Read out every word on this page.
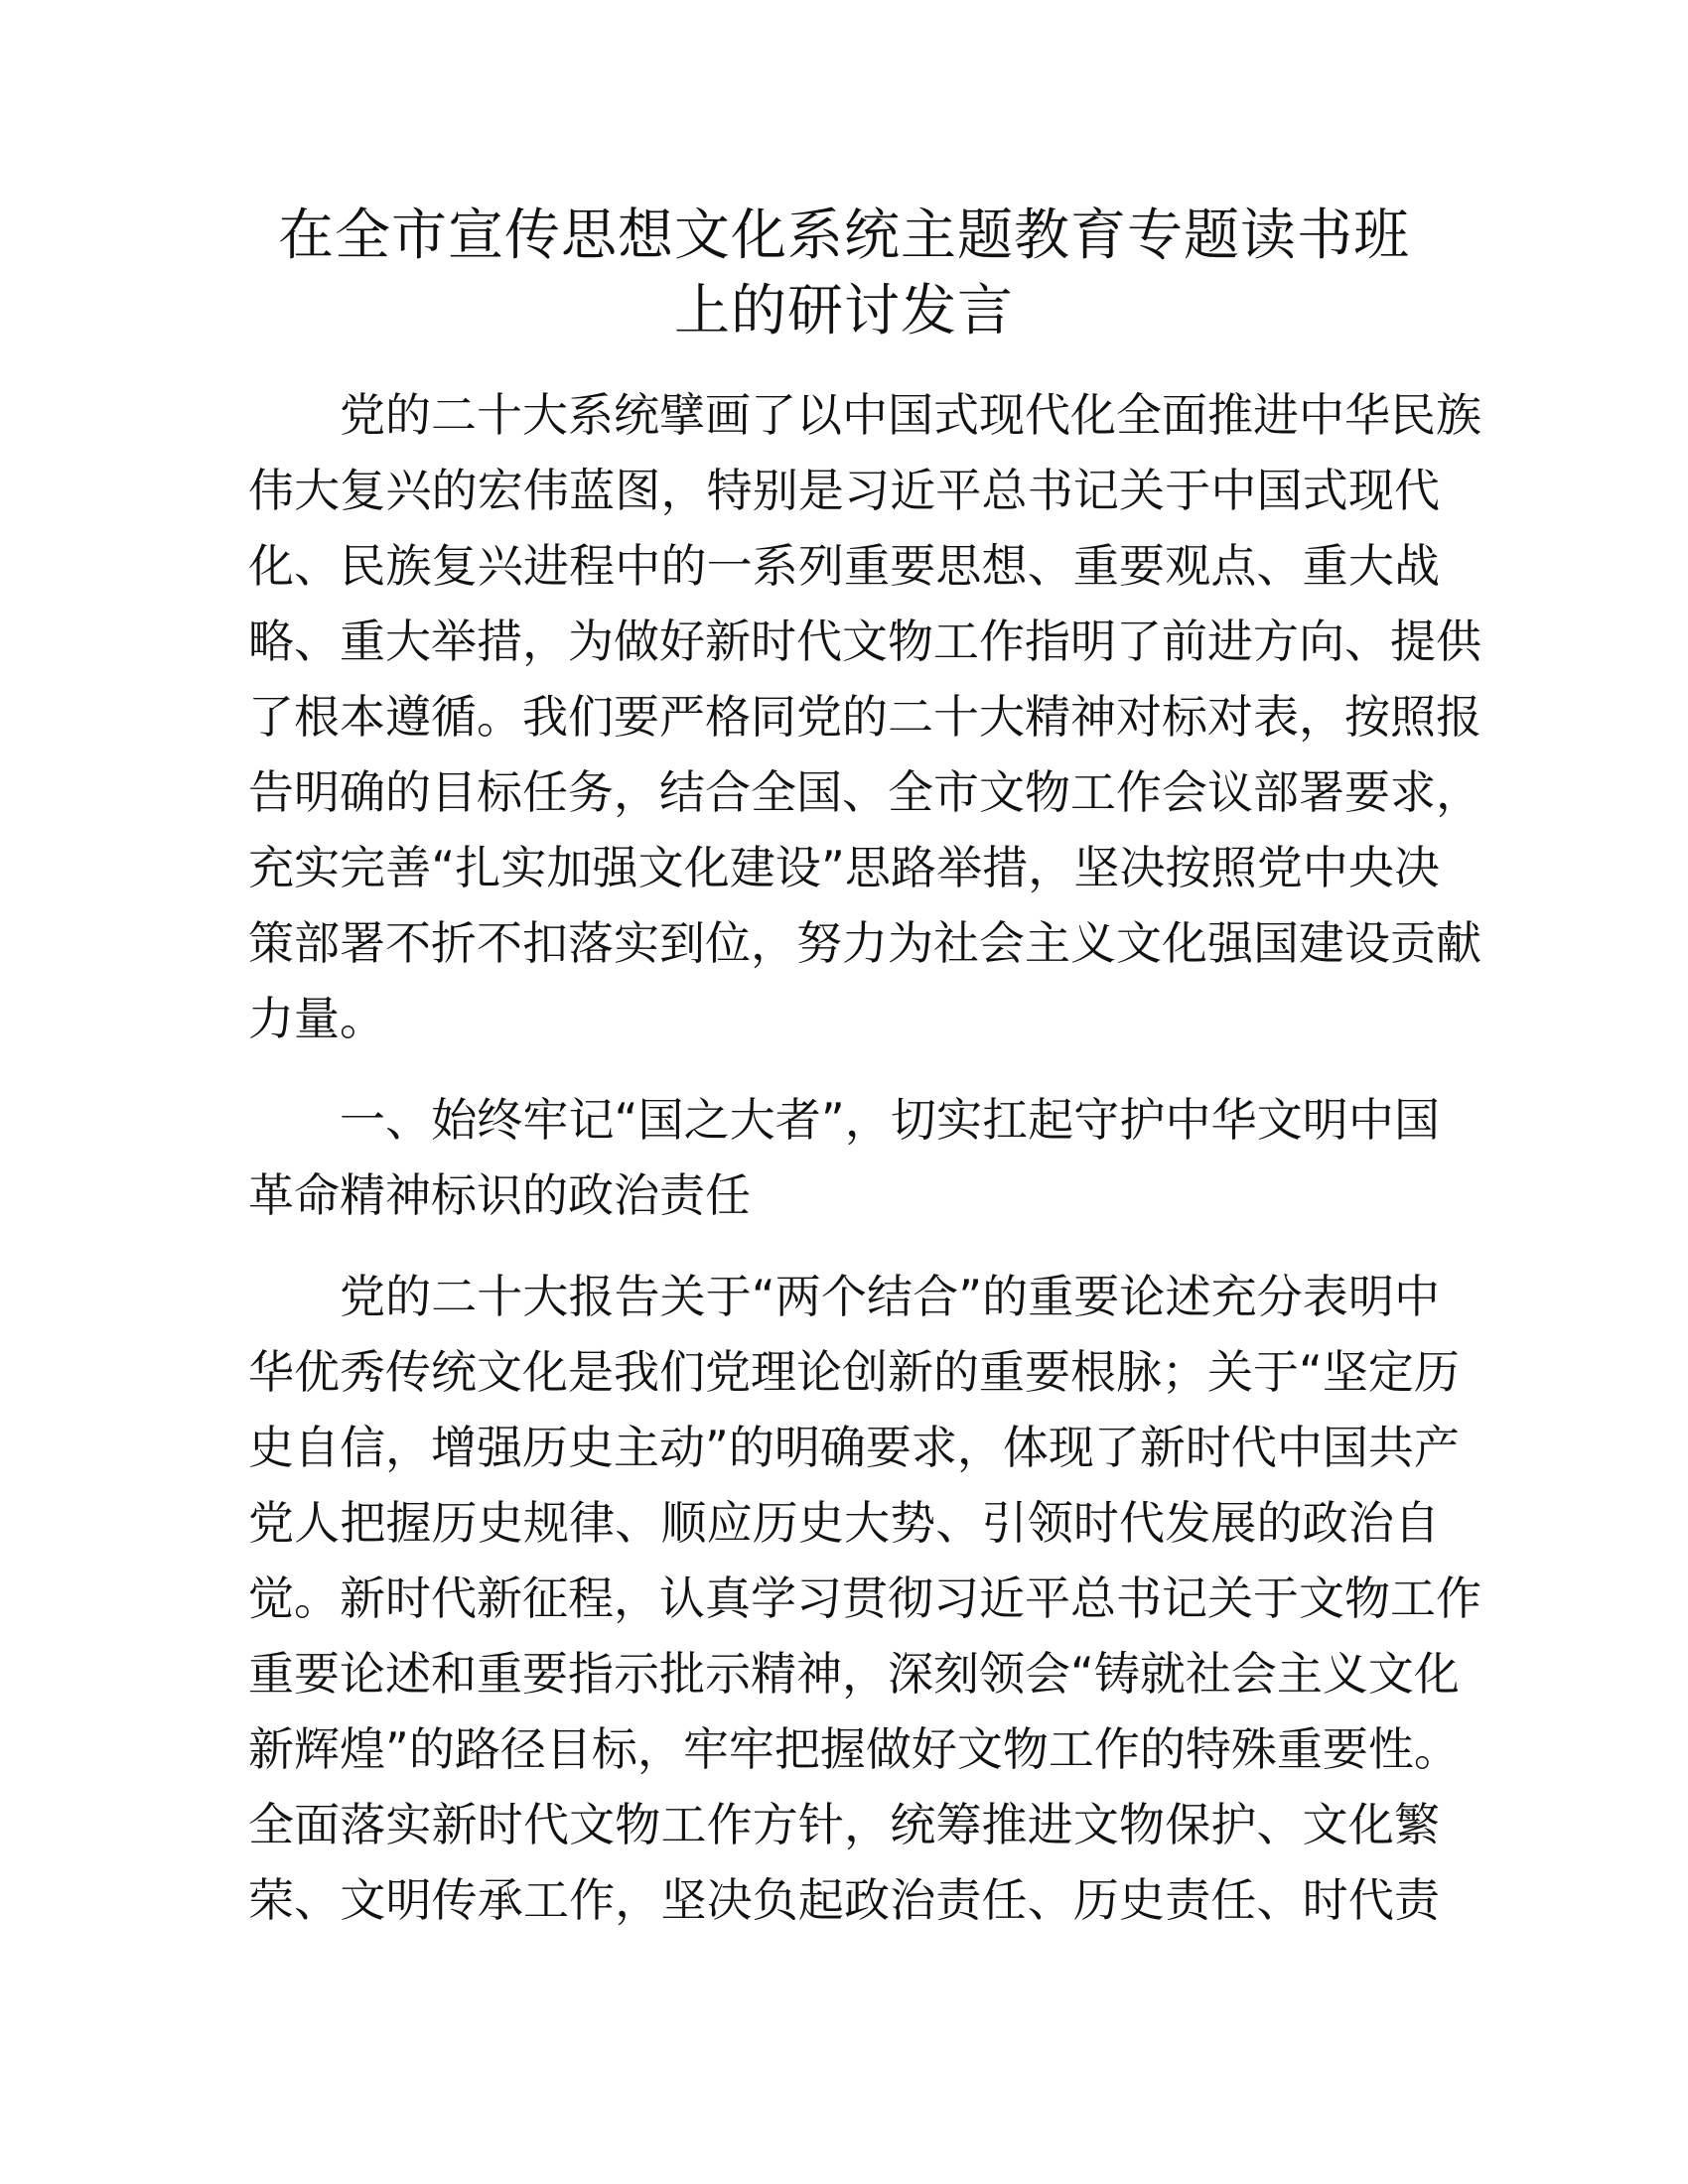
在全市宣传思想文化系统主题教育专题读书班
上的研讨发言

党的二十大系统擘画了以中国式现代化全面推进中华民族
伟大复兴的宏伟蓝图，特别是习近平总书记关于中国式现代
化、民族复兴进程中的一系列重要思想、重要观点、重大战
略、重大举措，为做好新时代文物工作指明了前进方向、提供
了根本遵循。我们要严格同党的二十大精神对标对表，按照报
告明确的目标任务，结合全国、全市文物工作会议部署要求，
充实完善“扎实加强文化建设”思路举措，坚决按照党中央决
策部署不折不扣落实到位，努力为社会主义文化强国建设贡献
力量。

一、始终牢记“国之大者”，切实扛起守护中华文明中国
革命精神标识的政治责任

党的二十大报告关于“两个结合”的重要论述充分表明中
华优秀传统文化是我们党理论创新的重要根脉；关于“坚定历
史自信，增强历史主动”的明确要求，体现了新时代中国共产
党人把握历史规律、顺应历史大势、引领时代发展的政治自
觉。新时代新征程，认真学习贯彻习近平总书记关于文物工作
重要论述和重要指示批示精神，深刻领会“铸就社会主义文化
新辉煌”的路径目标，牢牢把握做好文物工作的特殊重要性。
全面落实新时代文物工作方针，统筹推进文物保护、文化繁
荣、文明传承工作，坚决负起政治责任、历史责任、时代责
